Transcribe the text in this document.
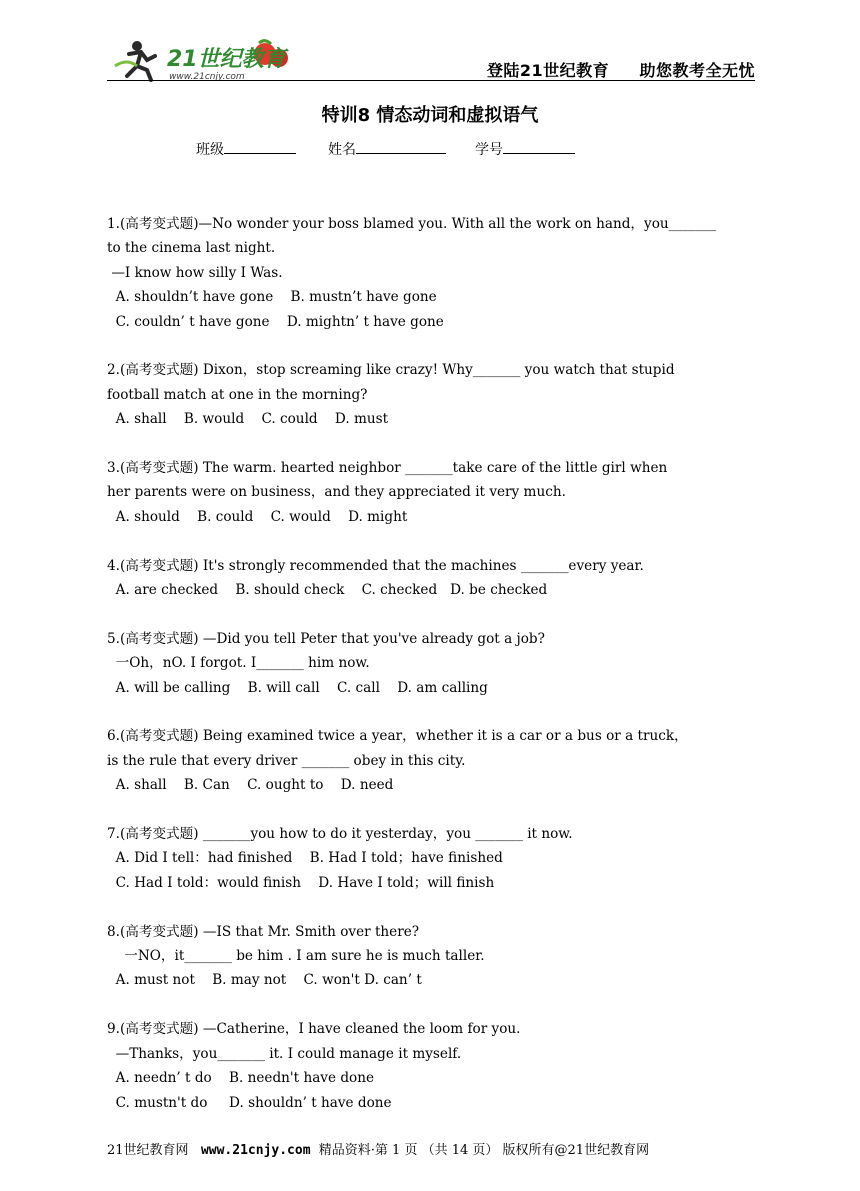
21世纪教育
www.21cnjy.com	登陆21世纪教育 助您教考全无忧
特训8 情态动词和虚拟语气
班级	姓名	学号
1.(高考变式题)—No wonder your boss blamed you. With all the work on hand，you_______
to the cinema last night.
—I know how silly I Was.
A. shouldn’t have gone    B. mustn’t have gone
C. couldn’ t have gone    D. mightn’ t have gone
2.(高考变式题) Dixon，stop screaming like crazy! Why_______ you watch that stupid
football match at one in the morning?
A. shall    B. would    C. could    D. must
3.(高考变式题) The warm. hearted neighbor _______take care of the little girl when
her parents were on business，and they appreciated it very much.
A. should    B. could    C. would    D. might
4.(高考变式题) It's strongly recommended that the machines _______every year.
A. are checked    B. should check    C. checked   D. be checked
5.(高考变式题) —Did you tell Peter that you've already got a job?
一Oh，nO. I forgot. I_______ him now.
A. will be calling    B. will call    C. call    D. am calling
6.(高考变式题) Being examined twice a year，whether it is a car or a bus or a truck，
is the rule that every driver _______ obey in this city.
A. shall    B. Can    C. ought to    D. need
7.(高考变式题) _______you how to do it yesterday，you _______ it now.
A. Did I tell：had finished    B. Had I told；have finished
C. Had I told：would finish    D. Have I told；will finish
8.(高考变式题) —IS that Mr. Smith over there?
一NO，it_______ be him . I am sure he is much taller.
A. must not    B. may not    C. won't D. can’ t
9.(高考变式题) —Catherine，I have cleaned the loom for you.
—Thanks，you_______ it. I could manage it myself.
A. needn’ t do    B. needn't have done
C. mustn't do     D. shouldn’ t have done
21世纪教育网 www.21cnjy.com 精品资料·第 1 页 （共 14 页） 版权所有@21世纪教育网
